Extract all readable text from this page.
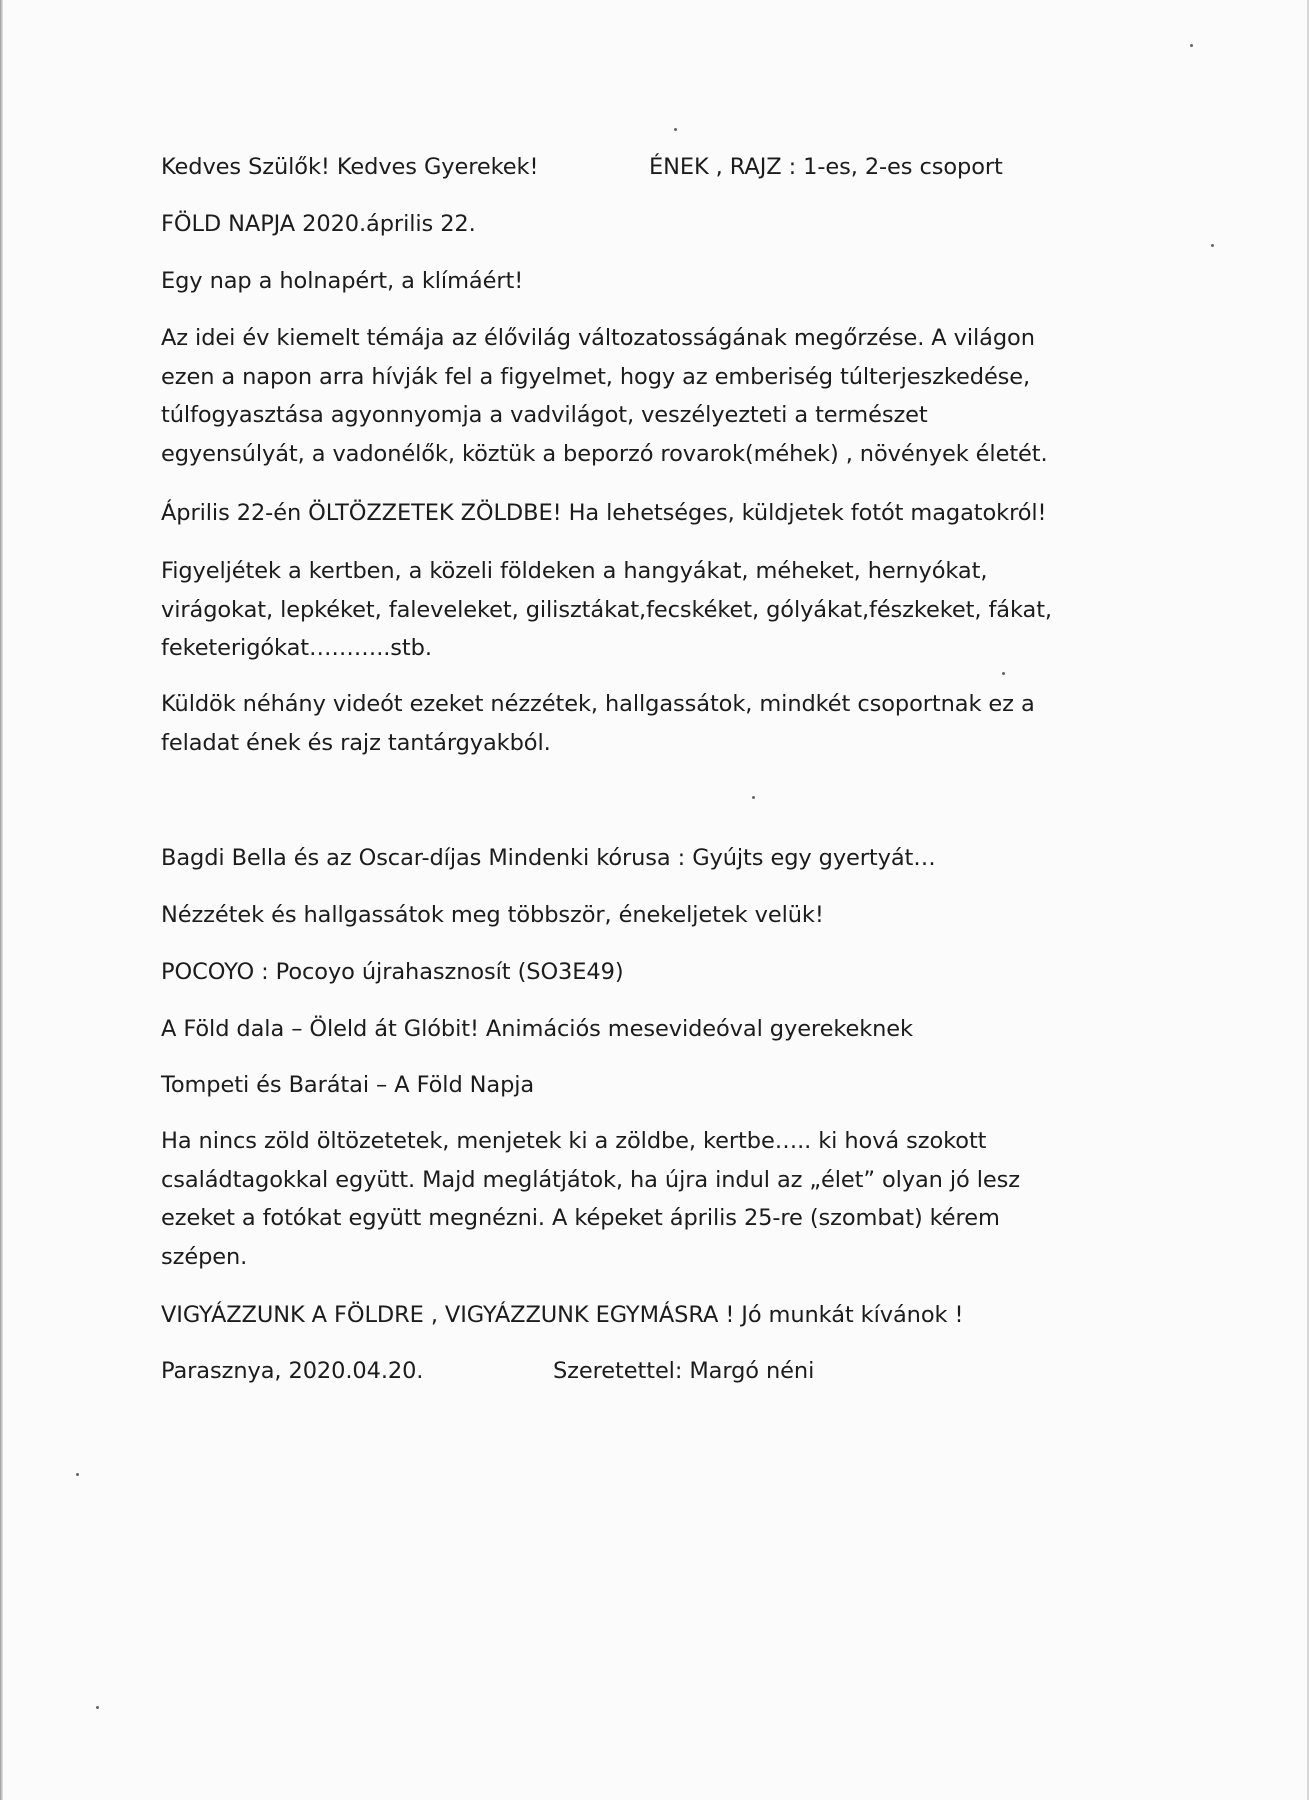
Kedves Szülők! Kedves Gyerekek!	ÉNEK , RAJZ : 1-es, 2-es csoport
FÖLD NAPJA 2020.április 22.
Egy nap a holnapért, a klímáért!
Az idei év kiemelt témája az élővilág változatosságának megőrzése. A világon
ezen a napon arra hívják fel a figyelmet, hogy az emberiség túlterjeszkedése,
túlfogyasztása agyonnyomja a vadvilágot, veszélyezteti a természet
egyensúlyát, a vadonélők, köztük a beporzó rovarok(méhek) , növények életét.
Április 22-én ÖLTÖZZETEK ZÖLDBE! Ha lehetséges, küldjetek fotót magatokról!
Figyeljétek a kertben, a közeli földeken a hangyákat, méheket, hernyókat,
virágokat, lepkéket, faleveleket, gilisztákat,fecskéket, gólyákat,fészkeket, fákat,
feketerigókat………..stb.
Küldök néhány videót ezeket nézzétek, hallgassátok, mindkét csoportnak ez a
feladat ének és rajz tantárgyakból.
Bagdi Bella és az Oscar-díjas Mindenki kórusa : Gyújts egy gyertyát…
Nézzétek és hallgassátok meg többször, énekeljetek velük!
POCOYO : Pocoyo újrahasznosít (SO3E49)
A Föld dala – Öleld át Glóbit! Animációs mesevideóval gyerekeknek
Tompeti és Barátai – A Föld Napja
Ha nincs zöld öltözetetek, menjetek ki a zöldbe, kertbe….. ki hová szokott
családtagokkal együtt. Majd meglátjátok, ha újra indul az „élet” olyan jó lesz
ezeket a fotókat együtt megnézni. A képeket április 25-re (szombat) kérem
szépen.
VIGYÁZZUNK A FÖLDRE , VIGYÁZZUNK EGYMÁSRA ! Jó munkát kívánok !
Parasznya, 2020.04.20.	Szeretettel: Margó néni
